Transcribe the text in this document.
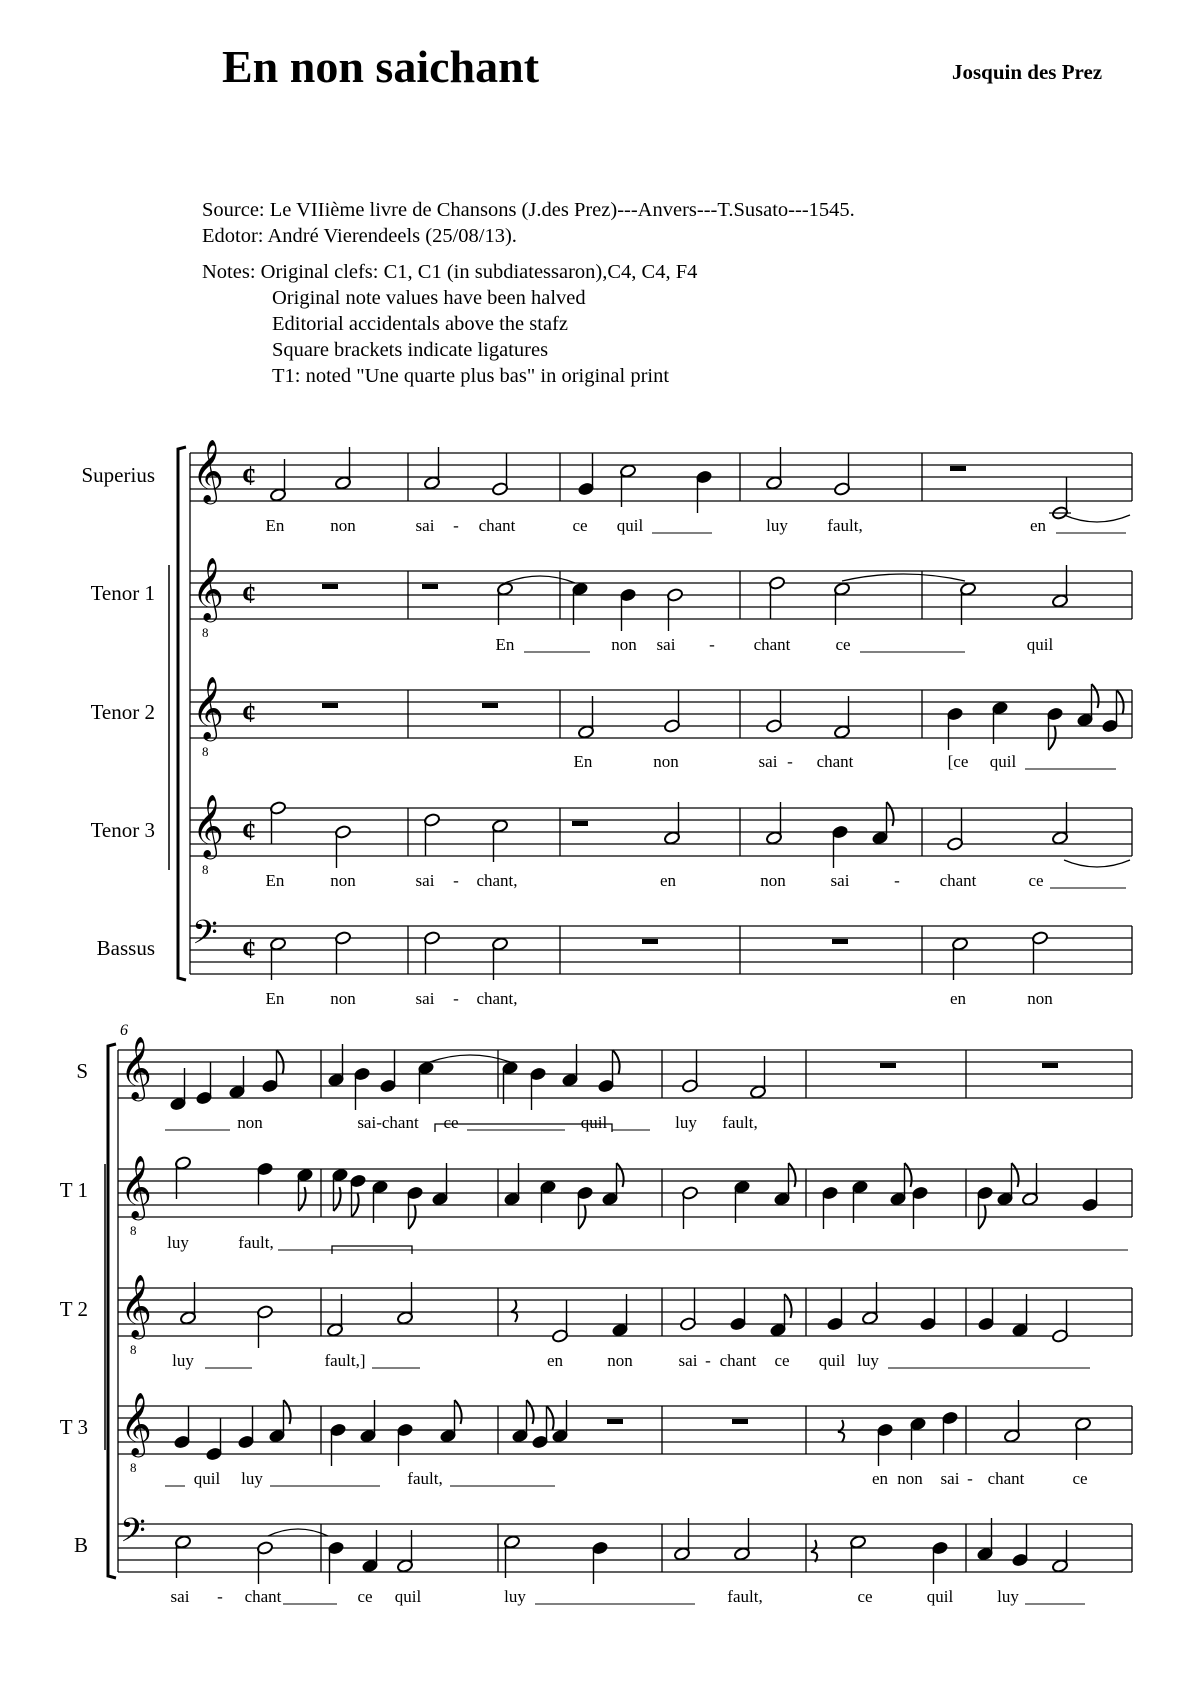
En non saichant	Josquin des Prez
Source: Le VIIième livre de Chansons (J.des Prez)---Anvers---T.Susato---1545.
Edotor: André Vierendeels (25/08/13).
Notes: Original clefs: C1, C1 (in subdiatessaron),C4, C4, F4
Original note values have been halved
Editorial accidentals above the stafz
Square brackets indicate ligatures
T1: noted "Une quarte plus bas" in original print
Superius 𝄞 ¢
Tenor 1 𝄞
8
¢
Tenor 2 𝄞
8
¢
Tenor 3 𝄞
8
¢
Bassus 𝄢 ¢
En	non	sai - chant	ce quil	luy fault,	en
En	non sai - chant	ce	quil
En	non	sai - chant	[ce quil
En	non	sai - chant,	en	non	sai	- chant	ce
En	non	sai - chant,	en	non
S 𝄞
T 1 𝄞
8
T 2 𝄞
8
T 3 𝄞
8
B 𝄢
6
non	sai-chant ce	quil	luy fault,
luy	fault,
luy	fault,]	en	non	sai - chant ce quil luy
quil luy	fault,	en non sai - chant	ce
sai - chant	ce quil	luy	fault,	ce	quil	luy
